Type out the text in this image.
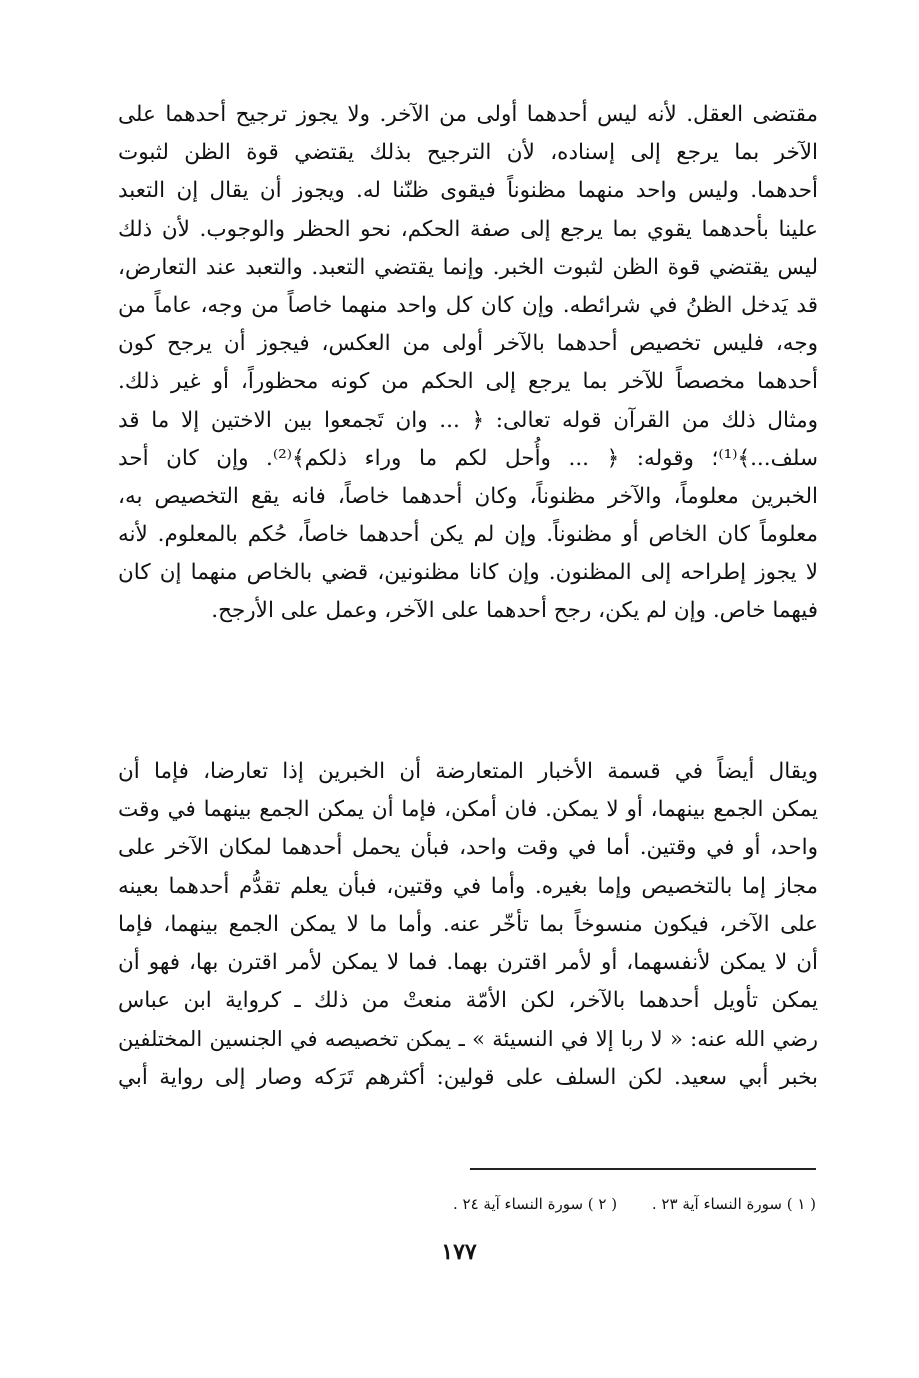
مقتضى العقل. لأنه ليس أحدهما أولى من الآخر. ولا يجوز ترجيح أحدهما على
الآخر بما يرجع إلى إسناده، لأن الترجيح بذلك يقتضي قوة الظن لثبوت
أحدهما. وليس واحد منهما مظنوناً فيقوى ظنّنا له. ويجوز أن يقال إن التعبد
علينا بأحدهما يقوي بما يرجع إلى صفة الحكم، نحو الحظر والوجوب. لأن ذلك
ليس يقتضي قوة الظن لثبوت الخبر. وإنما يقتضي التعبد. والتعبد عند التعارض،
قد يَدخل الظنُ في شرائطه. وإن كان كل واحد منهما خاصاً من وجه، عاماً من
وجه، فليس تخصيص أحدهما بالآخر أولى من العكس، فيجوز أن يرجح كون
أحدهما مخصصاً للآخر بما يرجع إلى الحكم من كونه محظوراً، أو غير ذلك.
ومثال ذلك من القرآن قوله تعالى: ﴿ ... وان تَجمعوا بين الاختين إلا ما قد
سلف...﴾⁽¹⁾؛ وقوله: ﴿ ... وأُحل لكم ما وراء ذلكم﴾⁽²⁾. وإن كان أحد
الخبرين معلوماً، والآخر مظنوناً، وكان أحدهما خاصاً، فانه يقع التخصيص به،
معلوماً كان الخاص أو مظنوناً. وإن لم يكن أحدهما خاصاً، حُكم بالمعلوم. لأنه
لا يجوز إطراحه إلى المظنون. وإن كانا مظنونين، قضي بالخاص منهما إن كان
فيهما خاص. وإن لم يكن، رجح أحدهما على الآخر، وعمل على الأرجح.
ويقال أيضاً في قسمة الأخبار المتعارضة أن الخبرين إذا تعارضا، فإما أن
يمكن الجمع بينهما، أو لا يمكن. فان أمكن، فإما أن يمكن الجمع بينهما في وقت
واحد، أو في وقتين. أما في وقت واحد، فبأن يحمل أحدهما لمكان الآخر على
مجاز إما بالتخصيص وإما بغيره. وأما في وقتين، فبأن يعلم تقدُّم أحدهما بعينه
على الآخر، فيكون منسوخاً بما تأخّر عنه. وأما ما لا يمكن الجمع بينهما، فإما
أن لا يمكن لأنفسهما، أو لأمر اقترن بهما. فما لا يمكن لأمر اقترن بها، فهو أن
يمكن تأويل أحدهما بالآخر، لكن الأمّة منعتْ من ذلك ـ كرواية ابن عباس
رضي الله عنه: « لا ربا إلا في النسيئة » ـ يمكن تخصيصه في الجنسين المختلفين
بخبر أبي سعيد. لكن السلف على قولين: أكثرهم تَرَكه وصار إلى رواية أبي
( ١ ) سورة النساء آية ٢٣ . ( ٢ ) سورة النساء آية ٢٤ .
١٧٧
